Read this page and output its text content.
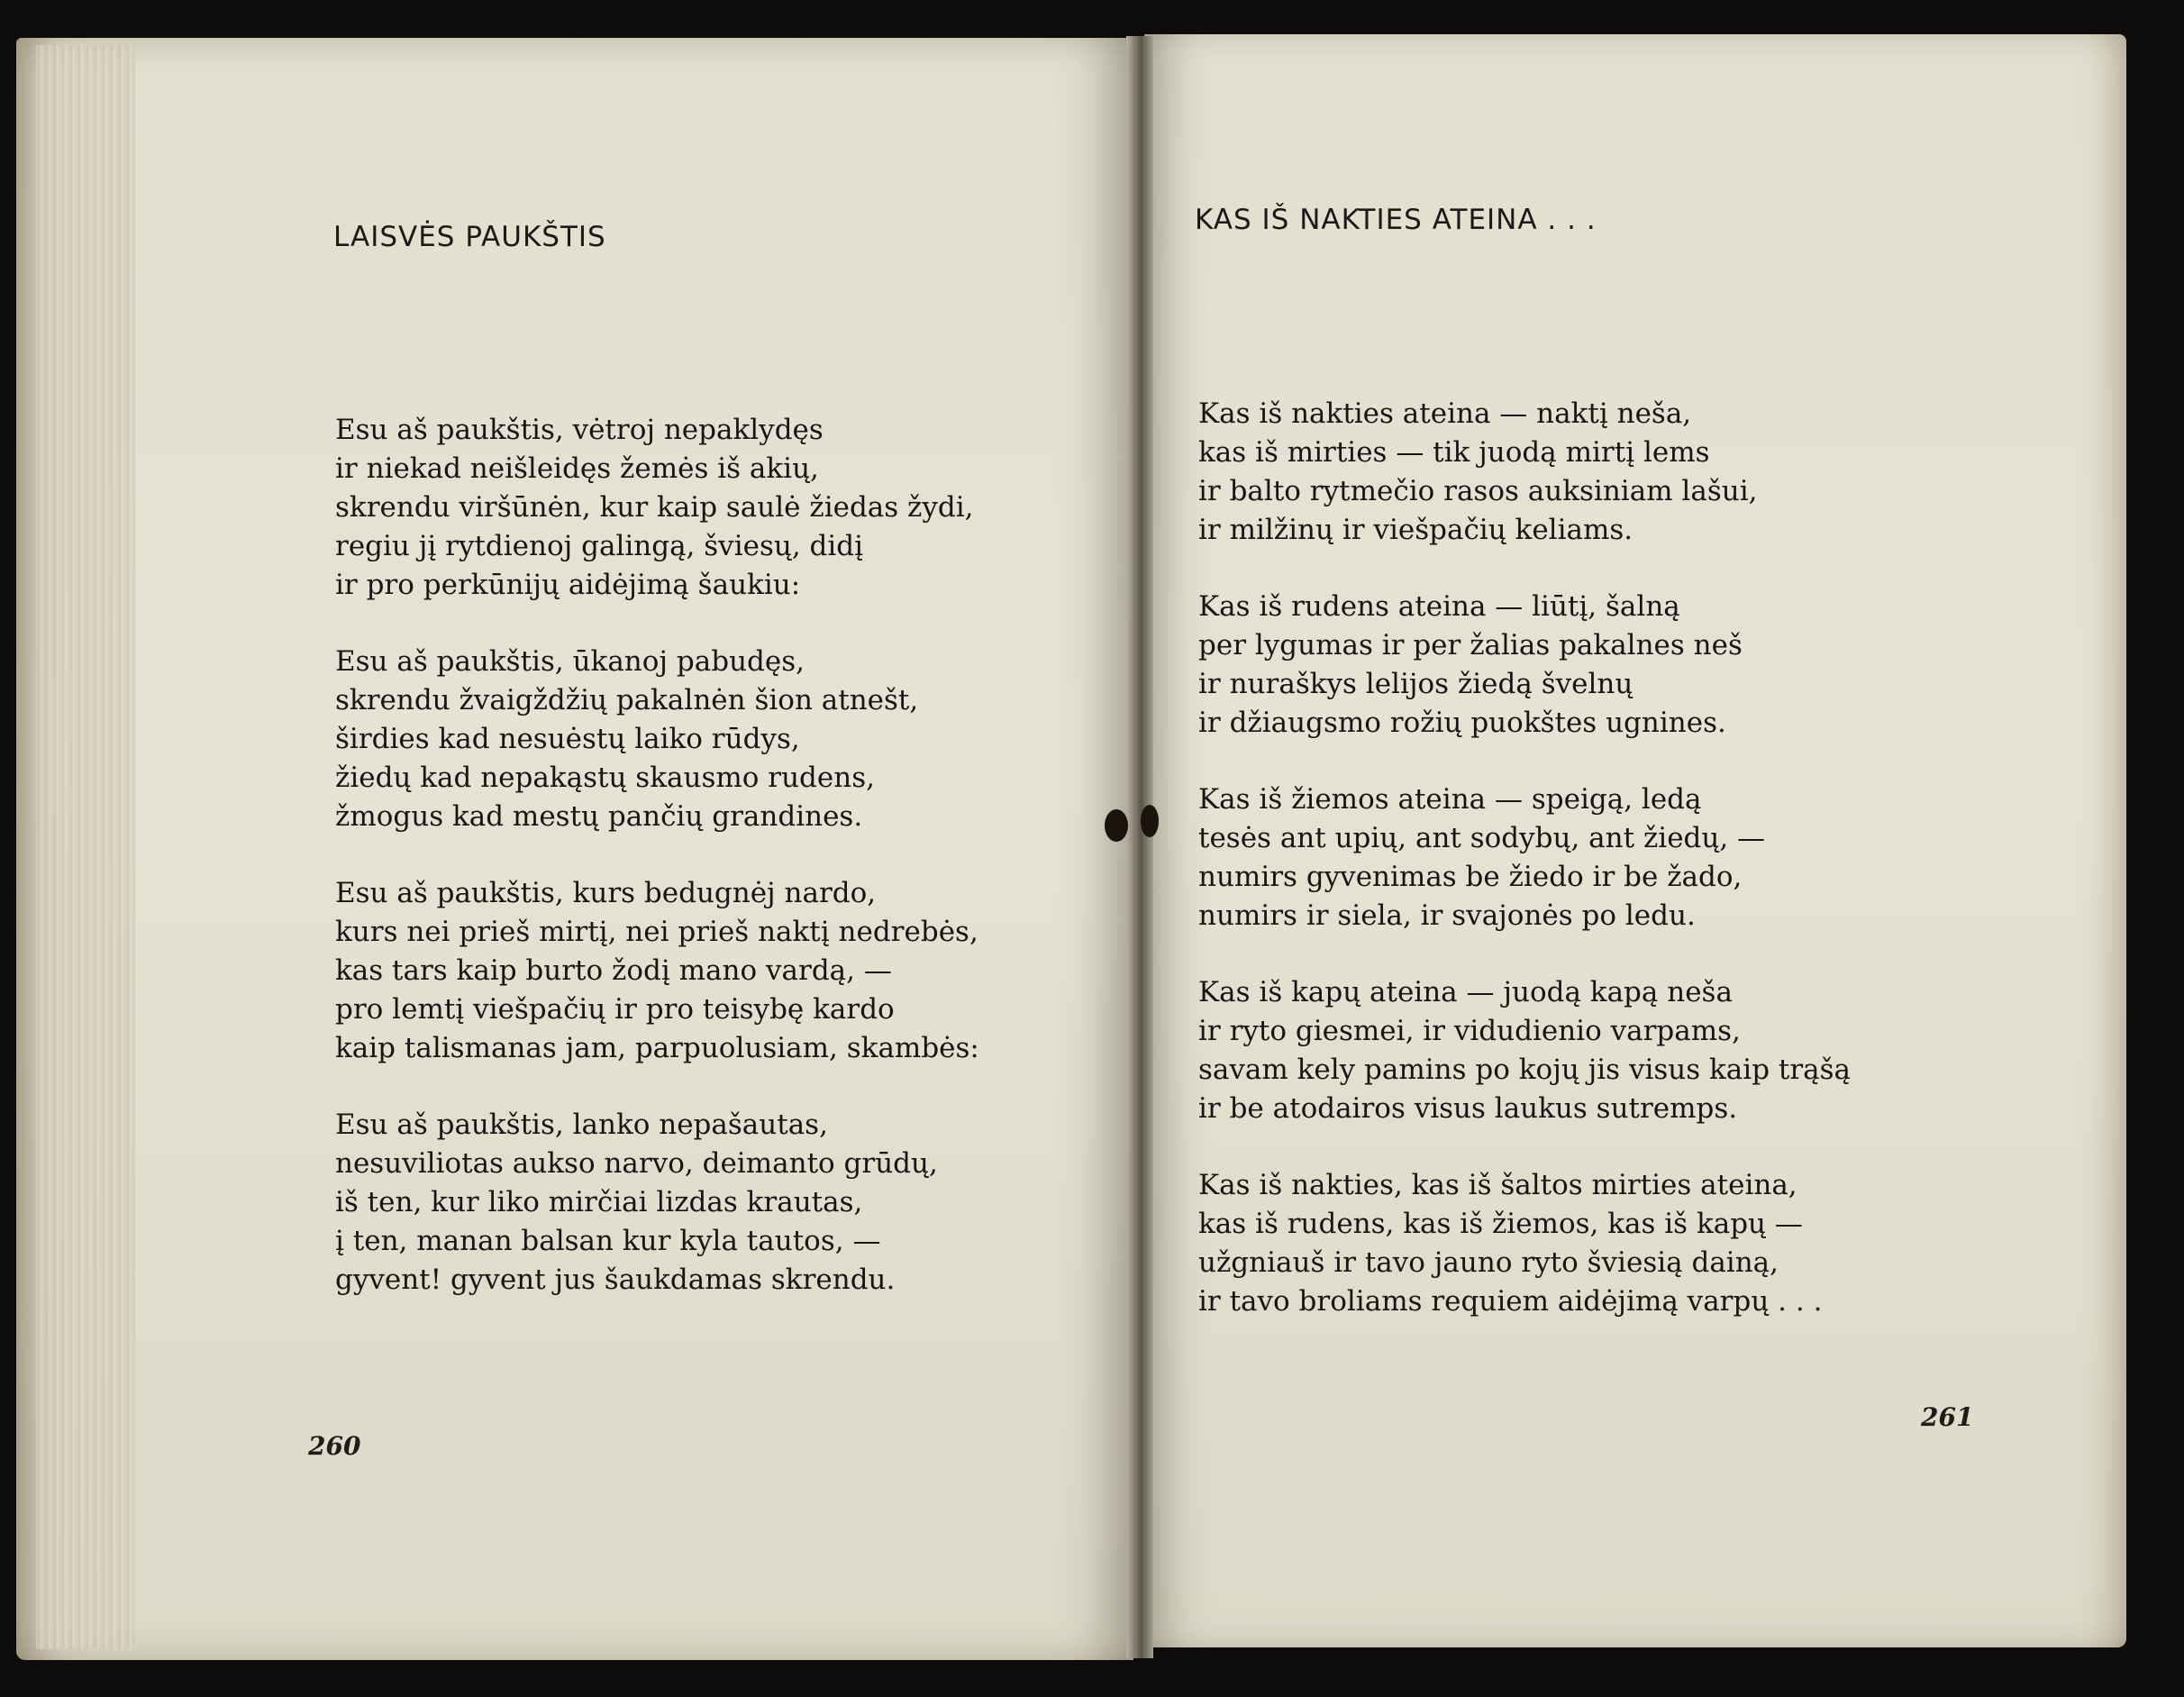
LAISVĖS PAUKŠTIS
Esu aš paukštis, vėtroj nepaklydęs
ir niekad neišleidęs žemės iš akių,
skrendu viršūnėn, kur kaip saulė žiedas žydi,
regiu jį rytdienoj galingą, šviesų, didį
ir pro perkūnijų aidėjimą šaukiu:
Esu aš paukštis, ūkanoj pabudęs,
skrendu žvaigždžių pakalnėn šion atnešt,
širdies kad nesuėstų laiko rūdys,
žiedų kad nepakąstų skausmo rudens,
žmogus kad mestų pančių grandines.
Esu aš paukštis, kurs bedugnėj nardo,
kurs nei prieš mirtį, nei prieš naktį nedrebės,
kas tars kaip burto žodį mano vardą, —
pro lemtį viešpačių ir pro teisybę kardo
kaip talismanas jam, parpuolusiam, skambės:
Esu aš paukštis, lanko nepašautas,
nesuviliotas aukso narvo, deimanto grūdų,
iš ten, kur liko mirčiai lizdas krautas,
į ten, manan balsan kur kyla tautos, —
gyvent! gyvent jus šaukdamas skrendu.
260
KAS IŠ NAKTIES ATEINA . . .
Kas iš nakties ateina — naktį neša,
kas iš mirties — tik juodą mirtį lems
ir balto rytmečio rasos auksiniam lašui,
ir milžinų ir viešpačių keliams.
Kas iš rudens ateina — liūtį, šalną
per lygumas ir per žalias pakalnes neš
ir nuraškys lelijos žiedą švelnų
ir džiaugsmo rožių puokštes ugnines.
Kas iš žiemos ateina — speigą, ledą
tesės ant upių, ant sodybų, ant žiedų, —
numirs gyvenimas be žiedo ir be žado,
numirs ir siela, ir svajonės po ledu.
Kas iš kapų ateina — juodą kapą neša
ir ryto giesmei, ir vidudienio varpams,
savam kely pamins po kojų jis visus kaip trąšą
ir be atodairos visus laukus sutremps.
Kas iš nakties, kas iš šaltos mirties ateina,
kas iš rudens, kas iš žiemos, kas iš kapų —
užgniauš ir tavo jauno ryto šviesią dainą,
ir tavo broliams requiem aidėjimą varpų . . .
261
